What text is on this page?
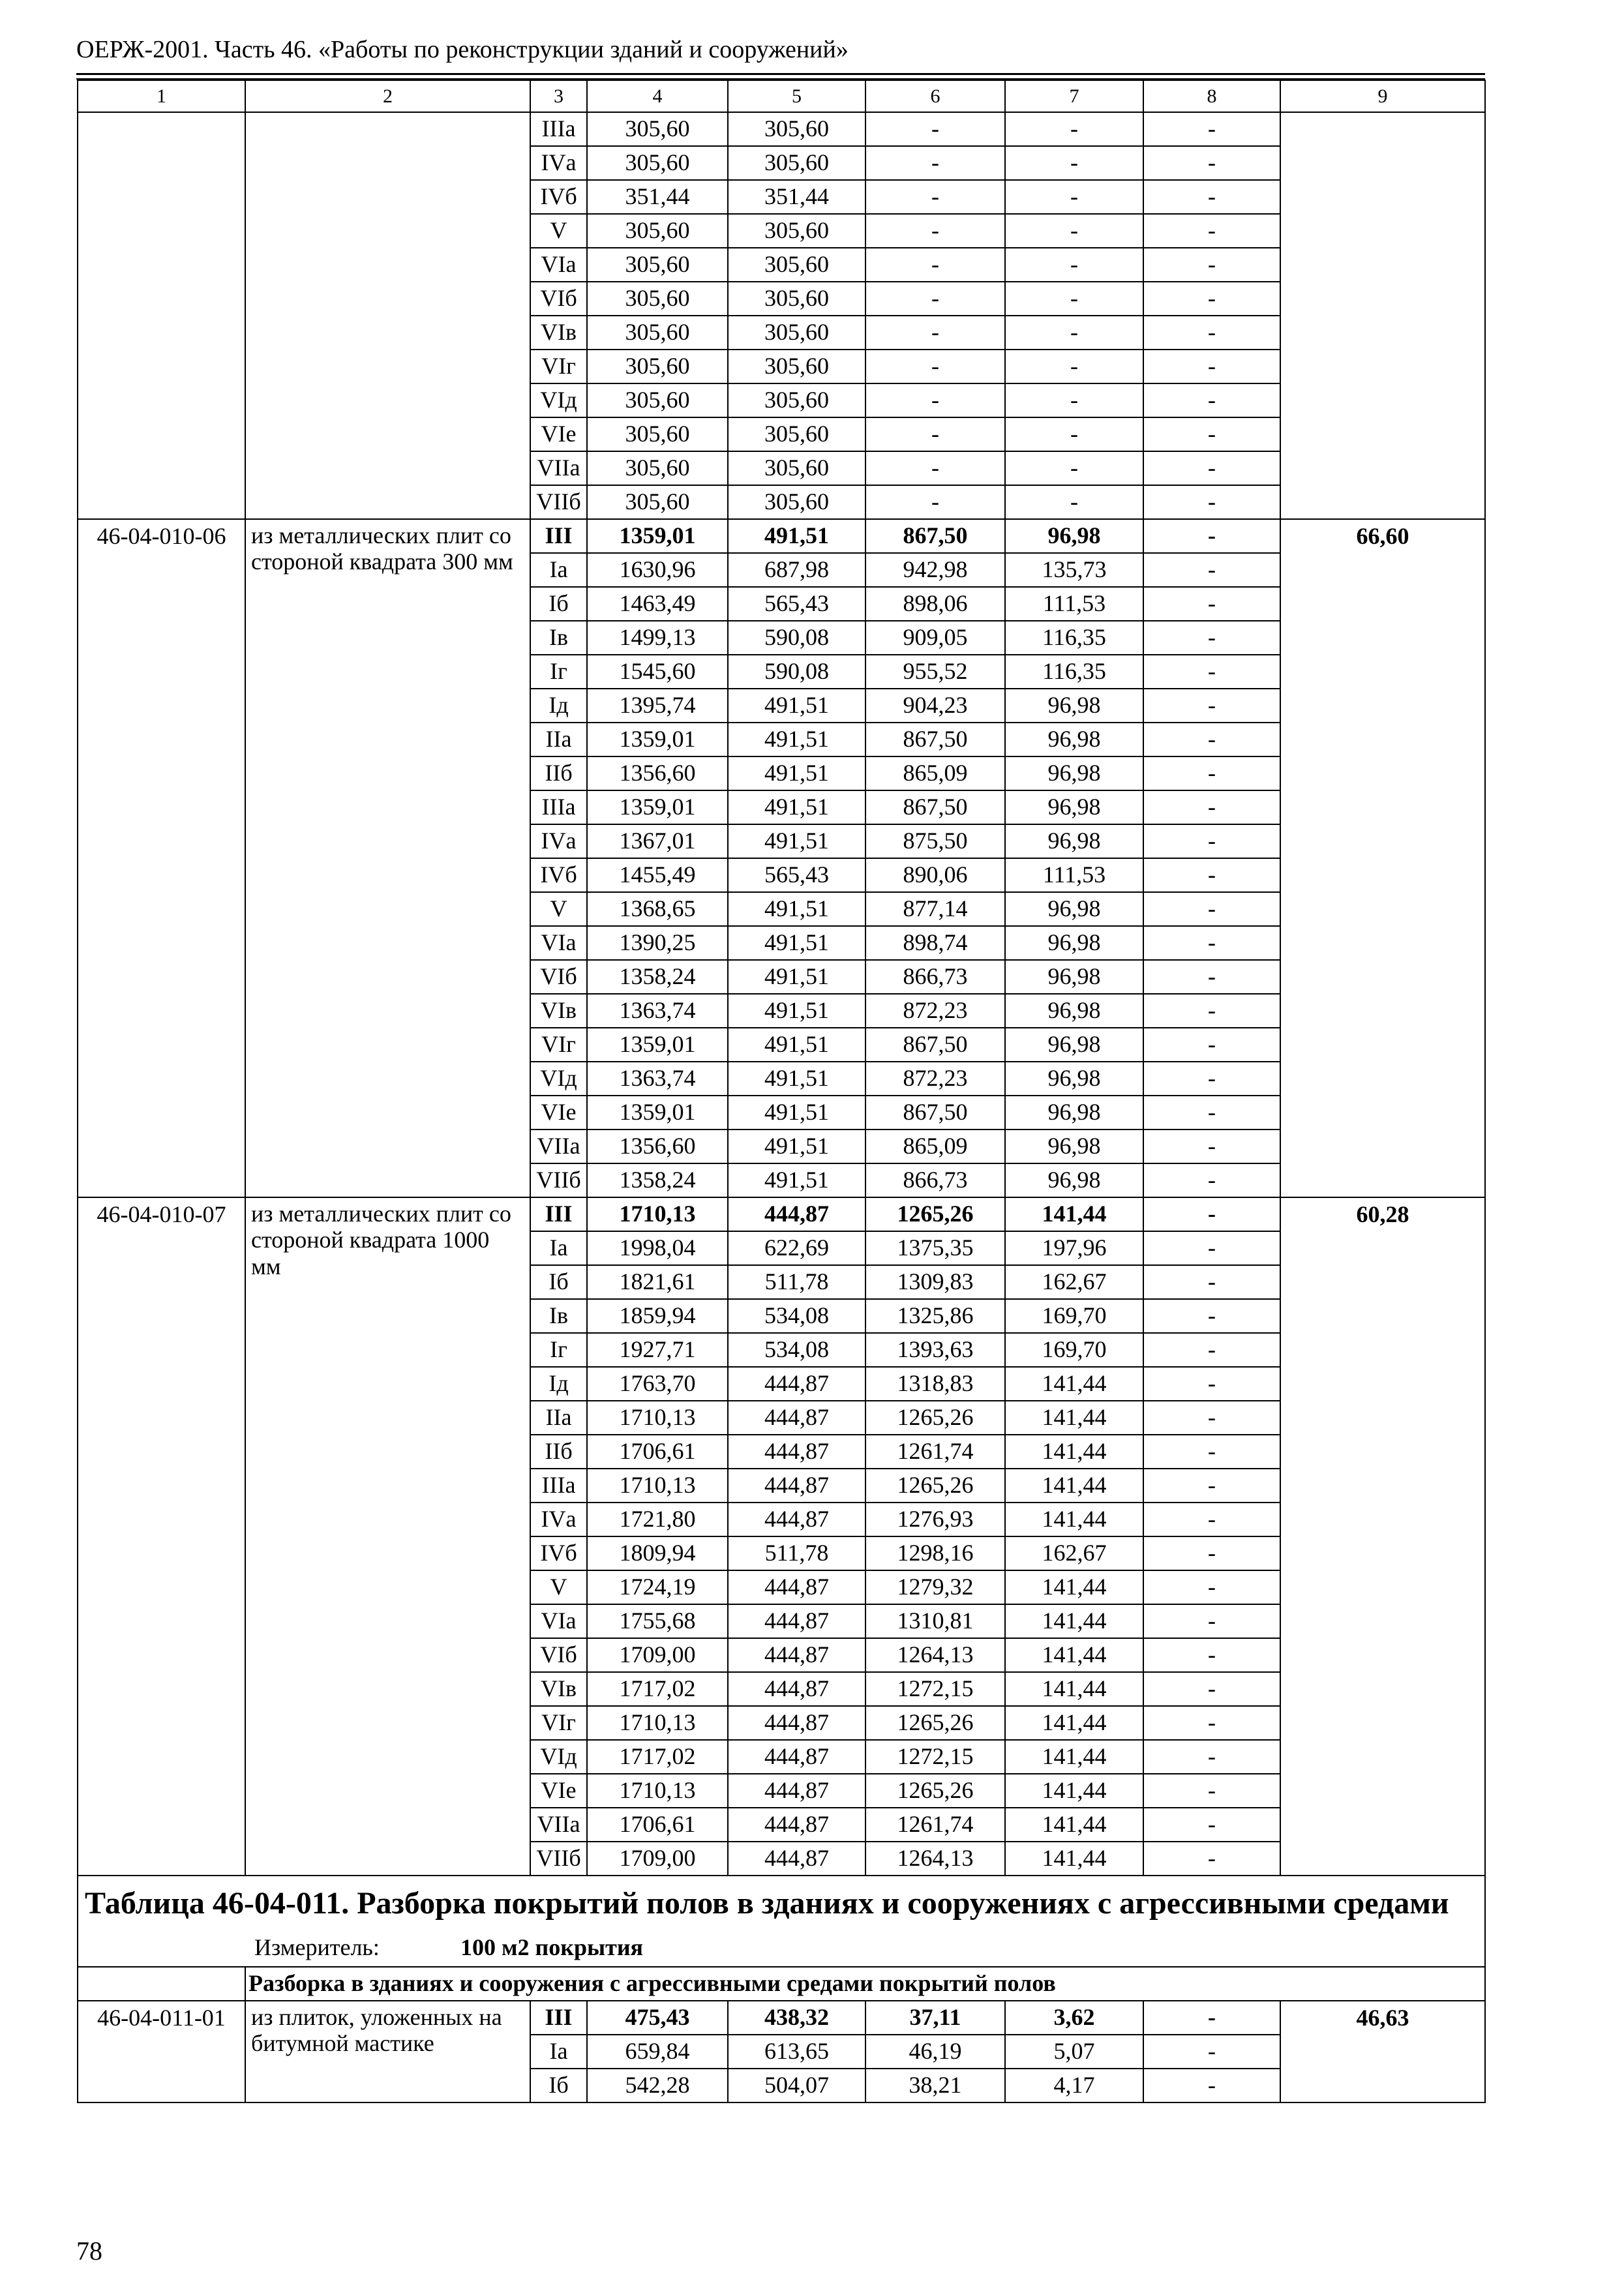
ОЕРЖ-2001. Часть 46. «Работы по реконструкции зданий и сооружений»
1	2	3	4	5	6	7	8	9
		IIIа	305,60	305,60	-	-	-	
		IVа	305,60	305,60	-	-	-	
		IVб	351,44	351,44	-	-	-	
		V	305,60	305,60	-	-	-	
		VIа	305,60	305,60	-	-	-	
		VIб	305,60	305,60	-	-	-	
		VIв	305,60	305,60	-	-	-	
		VIг	305,60	305,60	-	-	-	
		VIд	305,60	305,60	-	-	-	
		VIе	305,60	305,60	-	-	-	
		VIIа	305,60	305,60	-	-	-	
		VIIб	305,60	305,60	-	-	-	
46-04-010-06	из металлических плит со стороной квадрата 300 мм	III	1359,01	491,51	867,50	96,98	-	66,60
		Iа	1630,96	687,98	942,98	135,73	-	
		Iб	1463,49	565,43	898,06	111,53	-	
		Iв	1499,13	590,08	909,05	116,35	-	
		Iг	1545,60	590,08	955,52	116,35	-	
		Iд	1395,74	491,51	904,23	96,98	-	
		IIа	1359,01	491,51	867,50	96,98	-	
		IIб	1356,60	491,51	865,09	96,98	-	
		IIIа	1359,01	491,51	867,50	96,98	-	
		IVа	1367,01	491,51	875,50	96,98	-	
		IVб	1455,49	565,43	890,06	111,53	-	
		V	1368,65	491,51	877,14	96,98	-	
		VIа	1390,25	491,51	898,74	96,98	-	
		VIб	1358,24	491,51	866,73	96,98	-	
		VIв	1363,74	491,51	872,23	96,98	-	
		VIг	1359,01	491,51	867,50	96,98	-	
		VIд	1363,74	491,51	872,23	96,98	-	
		VIе	1359,01	491,51	867,50	96,98	-	
		VIIа	1356,60	491,51	865,09	96,98	-	
		VIIб	1358,24	491,51	866,73	96,98	-	
46-04-010-07	из металлических плит со стороной квадрата 1000 мм	III	1710,13	444,87	1265,26	141,44	-	60,28
		Iа	1998,04	622,69	1375,35	197,96	-	
		Iб	1821,61	511,78	1309,83	162,67	-	
		Iв	1859,94	534,08	1325,86	169,70	-	
		Iг	1927,71	534,08	1393,63	169,70	-	
		Iд	1763,70	444,87	1318,83	141,44	-	
		IIа	1710,13	444,87	1265,26	141,44	-	
		IIб	1706,61	444,87	1261,74	141,44	-	
		IIIа	1710,13	444,87	1265,26	141,44	-	
		IVа	1721,80	444,87	1276,93	141,44	-	
		IVб	1809,94	511,78	1298,16	162,67	-	
		V	1724,19	444,87	1279,32	141,44	-	
		VIа	1755,68	444,87	1310,81	141,44	-	
		VIб	1709,00	444,87	1264,13	141,44	-	
		VIв	1717,02	444,87	1272,15	141,44	-	
		VIг	1710,13	444,87	1265,26	141,44	-	
		VIд	1717,02	444,87	1272,15	141,44	-	
		VIе	1710,13	444,87	1265,26	141,44	-	
		VIIа	1706,61	444,87	1261,74	141,44	-	
		VIIб	1709,00	444,87	1264,13	141,44	-	
Таблица 46-04-011. Разборка покрытий полов в зданиях и сооружениях с агрессивными средами								
Измеритель: 100 м2 покрытия								
	Разборка в зданиях и сооружения с агрессивными средами покрытий полов							
46-04-011-01	из плиток, уложенных на битумной мастике	III	475,43	438,32	37,11	3,62	-	46,63
		Iа	659,84	613,65	46,19	5,07	-	
		Iб	542,28	504,07	38,21	4,17	-	
78
